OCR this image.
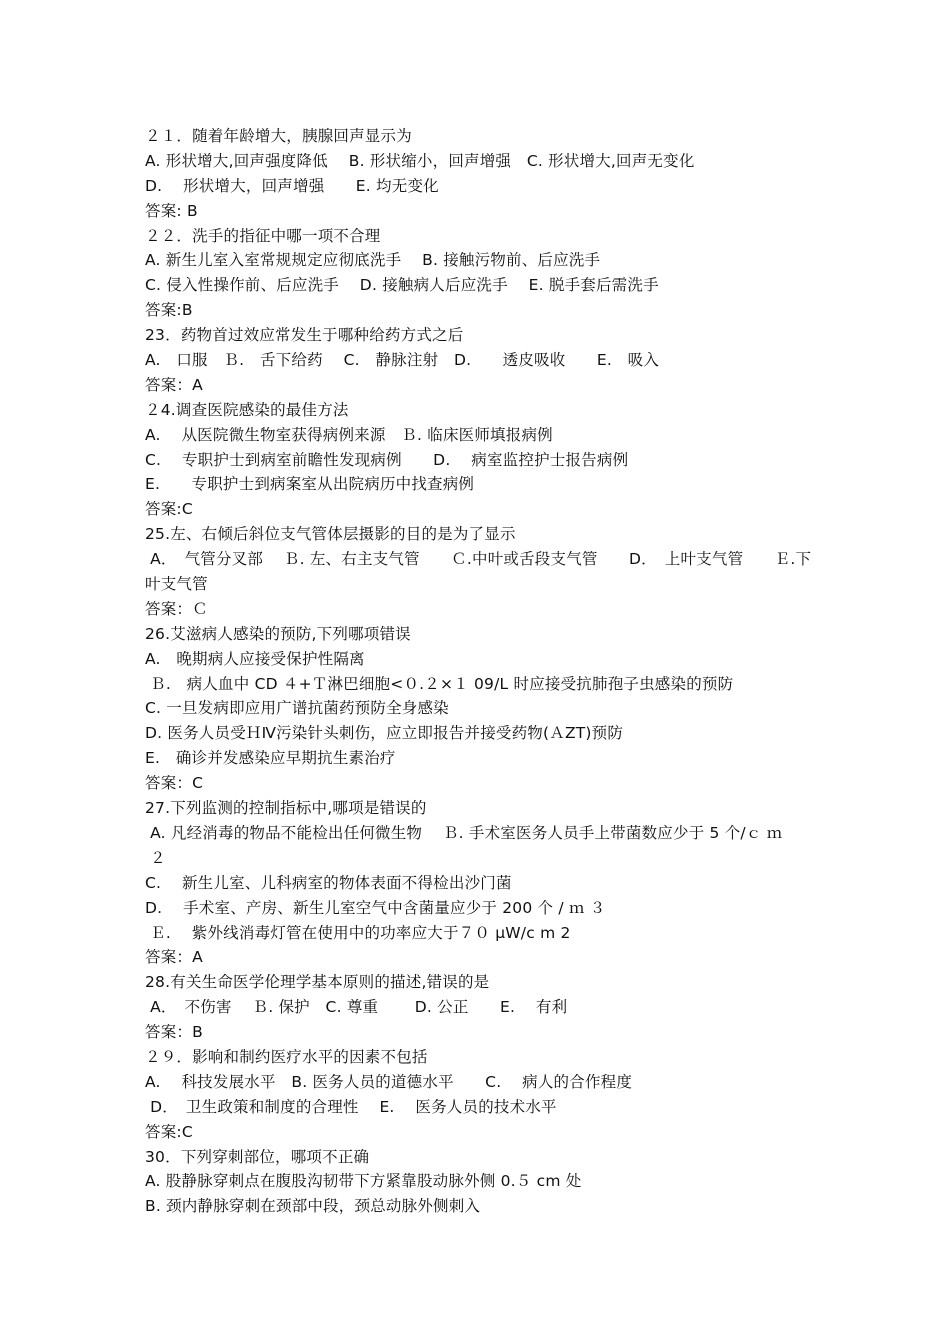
２１．随着年龄增大，胰腺回声显示为
A. 形状增大,回声强度降低　 B. 形状缩小，回声增强　C. 形状增大,回声无变化
D.　 形状增大，回声增强　　E. 均无变化
答案: B
２２．洗手的指征中哪一项不合理
A. 新生儿室入室常规规定应彻底洗手　 B. 接触污物前、后应洗手
C. 侵入性操作前、后应洗手　 D. 接触病人后应洗手　 E. 脱手套后需洗手
答案:B
23．药物首过效应常发生于哪种给药方式之后
A.　口服　Ｂ.　舌下给药　 C.　静脉注射　D.　　透皮吸收　　E.　吸入
答案：A
２4.调查医院感染的最佳方法
A.　 从医院微生物室获得病例来源　Ｂ. 临床医师填报病例
C.　 专职护士到病室前瞻性发现病例　　D.　 病室监控护士报告病例
E.　　专职护士到病案室从出院病历中找查病例
答案:C
25.左、右倾后斜位支气管体层摄影的目的是为了显示
A．　气管分叉部　 Ｂ. 左、右主支气管　　Ｃ.中叶或舌段支气管　　D．　上叶支气管　　Ｅ.下
叶支气管
答案：Ｃ
26.艾滋病人感染的预防,下列哪项错误
A.　晚期病人应接受保护性隔离
Ｂ.　病人血中 CD ４+Ｔ淋巴细胞<０.２×１ 09/L 时应接受抗肺孢子虫感染的预防
C. 一旦发病即应用广谱抗菌药预防全身感染
D. 医务人员受ＨⅣ污染针头刺伤，应立即报告并接受药物(ＡZT)预防
E.　确诊并发感染应早期抗生素治疗
答案：C
27.下列监测的控制指标中,哪项是错误的
A. 凡经消毒的物品不能检出任何微生物　 Ｂ. 手术室医务人员手上带菌数应少于 5 个/ｃ ｍ
２
C.　 新生儿室、儿科病室的物体表面不得检出沙门菌
D.　 手术室、产房、新生儿室空气中含菌量应少于 200 个 / ｍ ３
Ｅ.　 紫外线消毒灯管在使用中的功率应大于７０ μW/c m 2
答案：A
28.有关生命医学伦理学基本原则的描述,错误的是
A．　不伤害　 Ｂ. 保护　C. 尊重　　 D. 公正　　E.　 有利
答案：B
２９．影响和制约医疗水平的因素不包括
A.　 科技发展水平　B. 医务人员的道德水平　　C.　 病人的合作程度
D．　卫生政策和制度的合理性　 E.　 医务人员的技术水平
答案:C
30．下列穿刺部位，哪项不正确
A. 股静脉穿刺点在腹股沟韧带下方紧靠股动脉外侧 0.５ cm 处
B. 颈内静脉穿刺在颈部中段，颈总动脉外侧刺入
